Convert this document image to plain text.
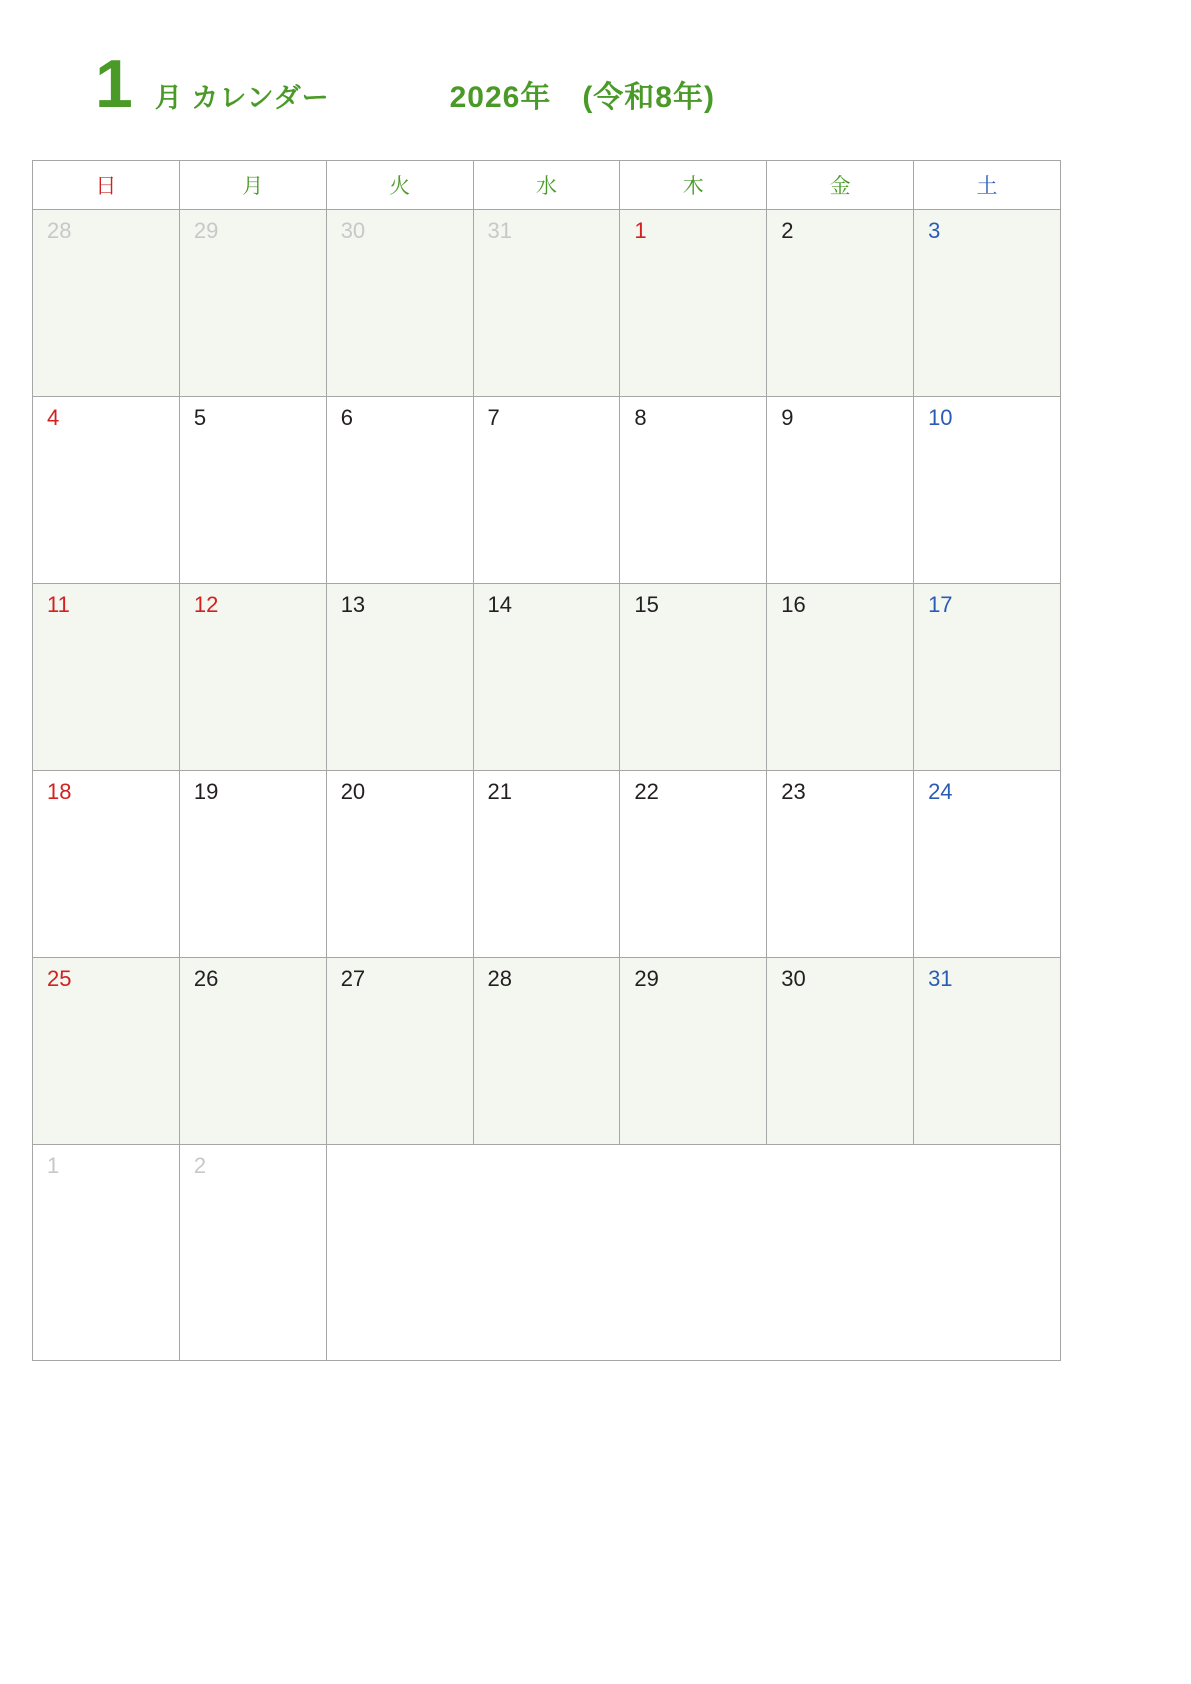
1 月 カレンダー	2026年　(令和8年)
日	月	火	水	木	金	土

28	29	30	31	1	2	3

4	5	6	7	8	9	10

11	12	13	14	15	16	17

18	19	20	21	22	23	24

25	26	27	28	29	30	31

1	2					
